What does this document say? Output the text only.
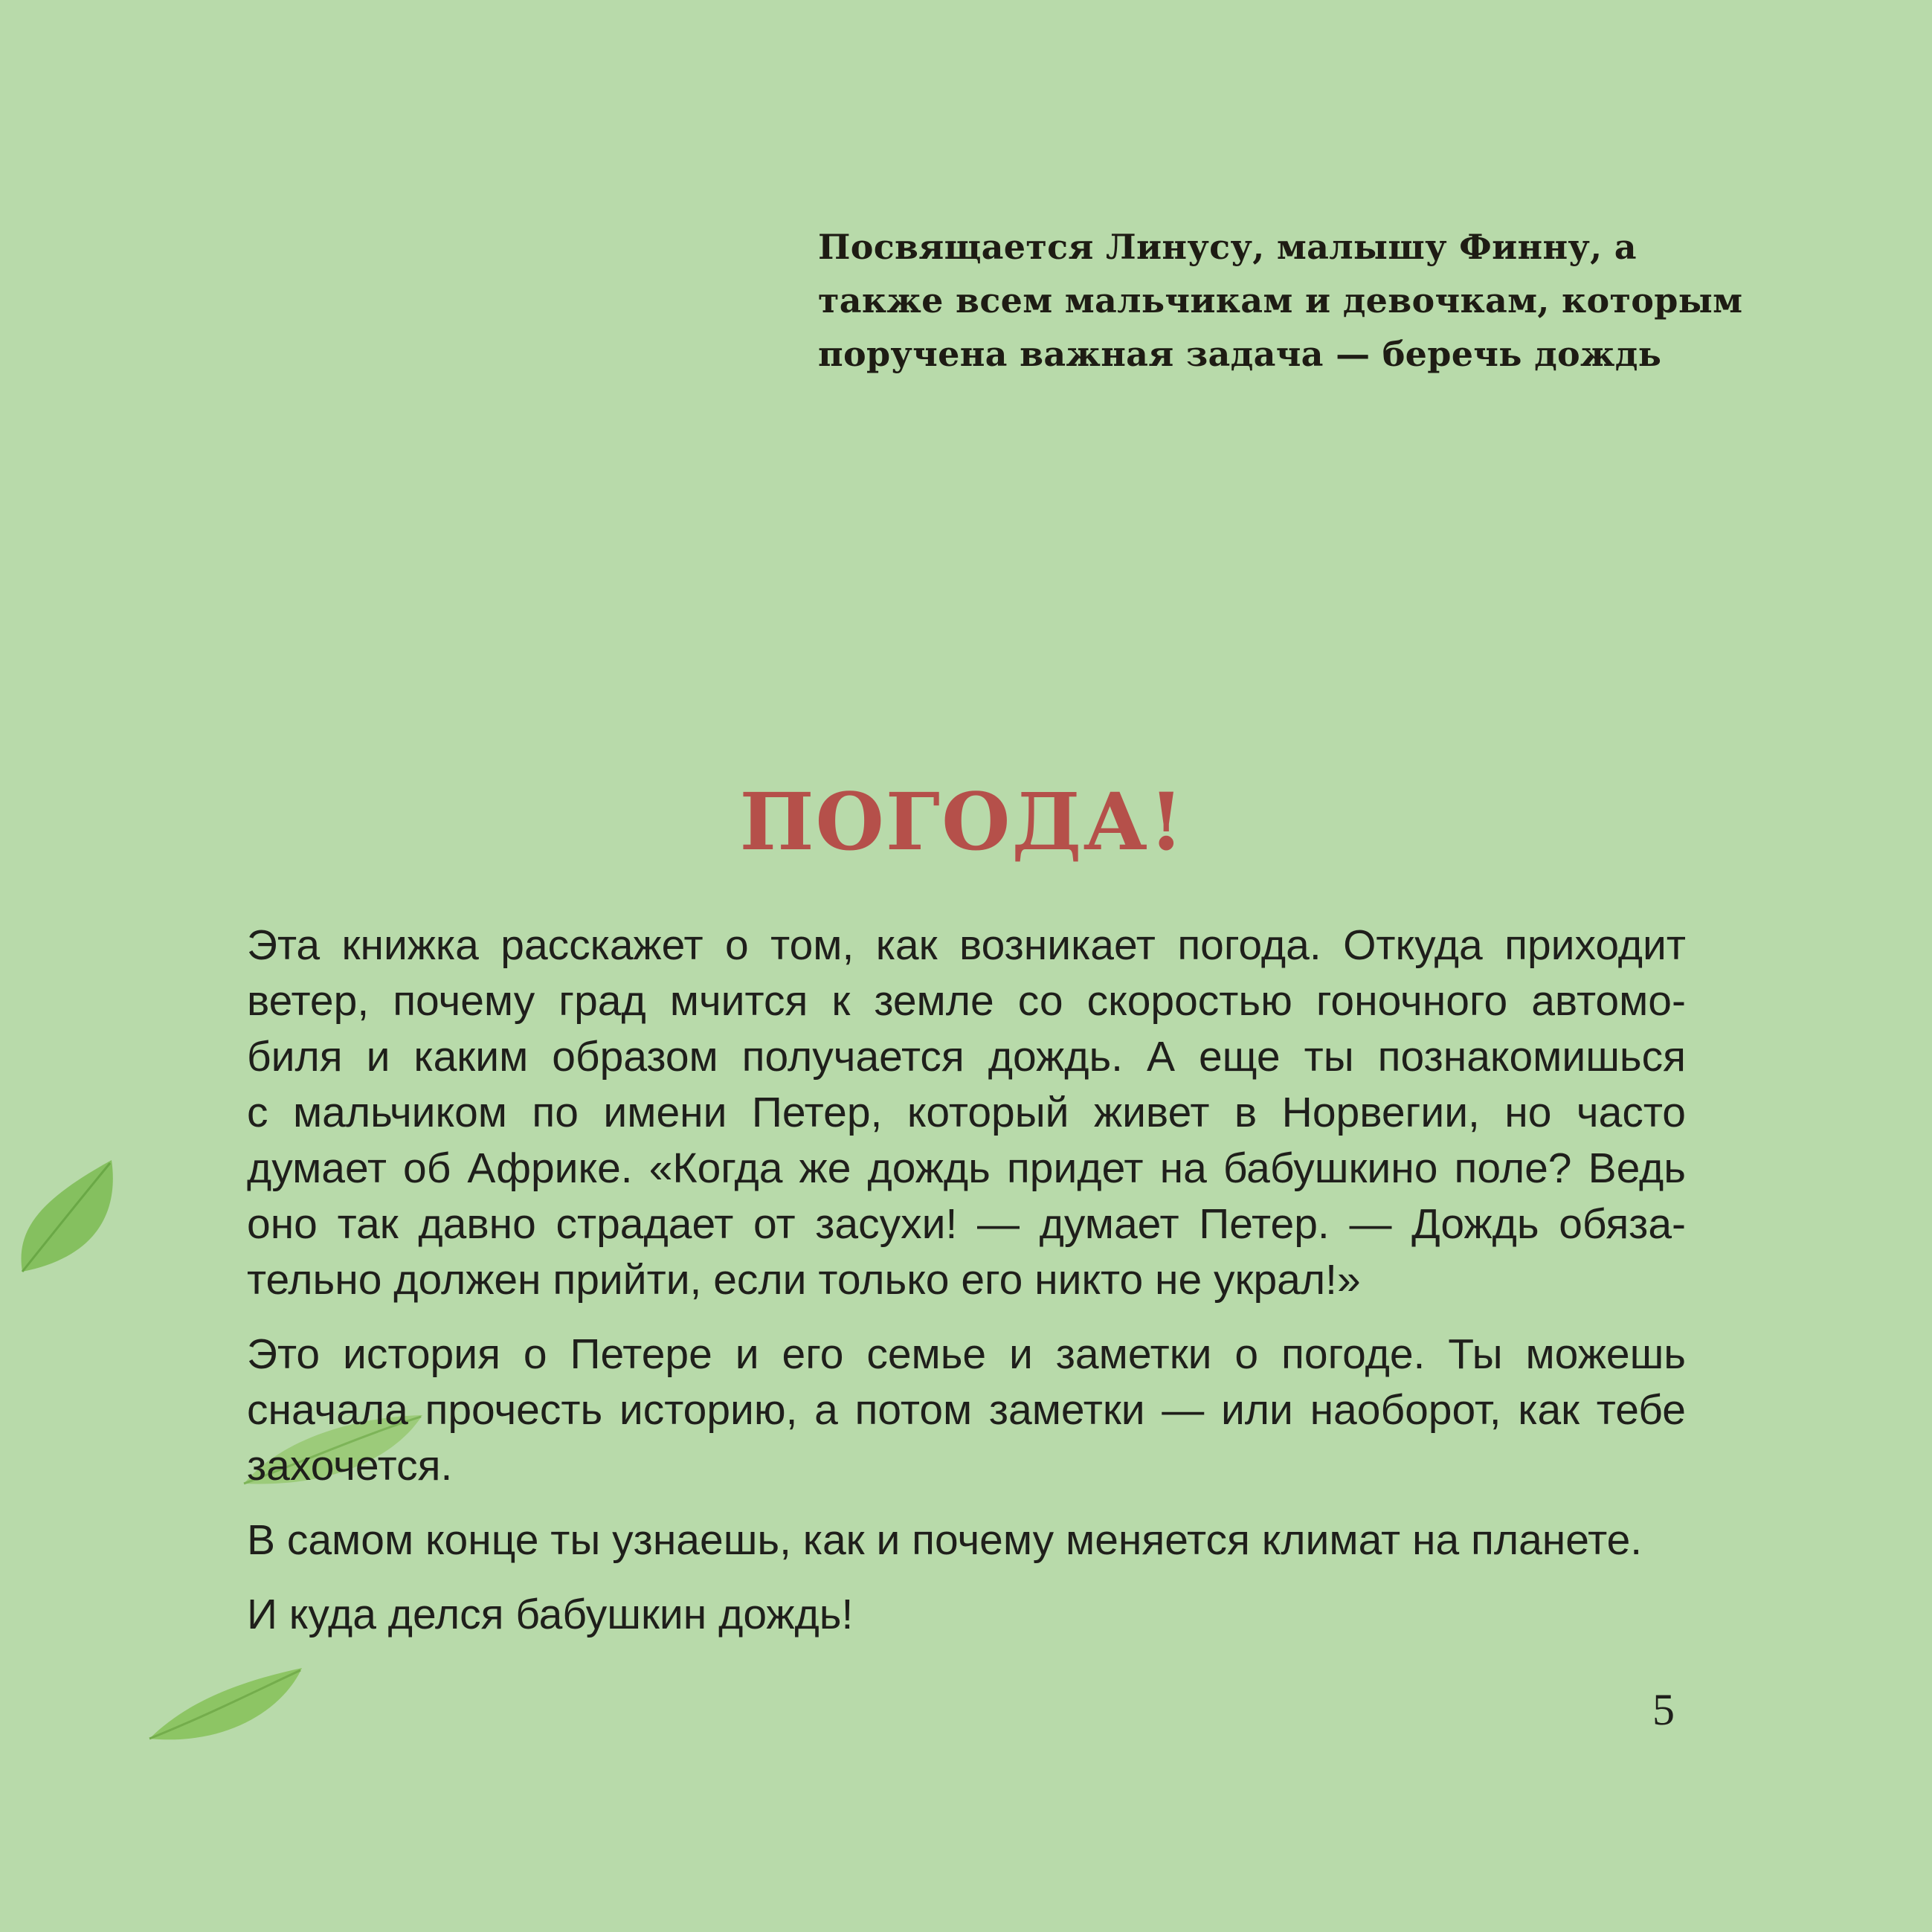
Посвящается Линусу, малышу Финну, а
также всем мальчикам и девочкам, которым
поручена важная задача — беречь дождь
ПОГОДА!
Эта книжка расскажет о том, как возникает погода. Откуда приходит
ветер, почему град мчится к земле со скоростью гоночного автомо-
биля и каким образом получается дождь. А еще ты познакомишься
с мальчиком по имени Петер, который живет в Норвегии, но часто
думает об Африке. «Когда же дождь придет на бабушкино поле? Ведь
оно так давно страдает от засухи! — думает Петер. — Дождь обяза-
тельно должен прийти, если только его никто не украл!»
Это история о Петере и его семье и заметки о погоде. Ты можешь
сначала прочесть историю, а потом заметки — или наоборот, как тебе
захочется.
В самом конце ты узнаешь, как и почему меняется климат на планете.
И куда делся бабушкин дождь!
5
